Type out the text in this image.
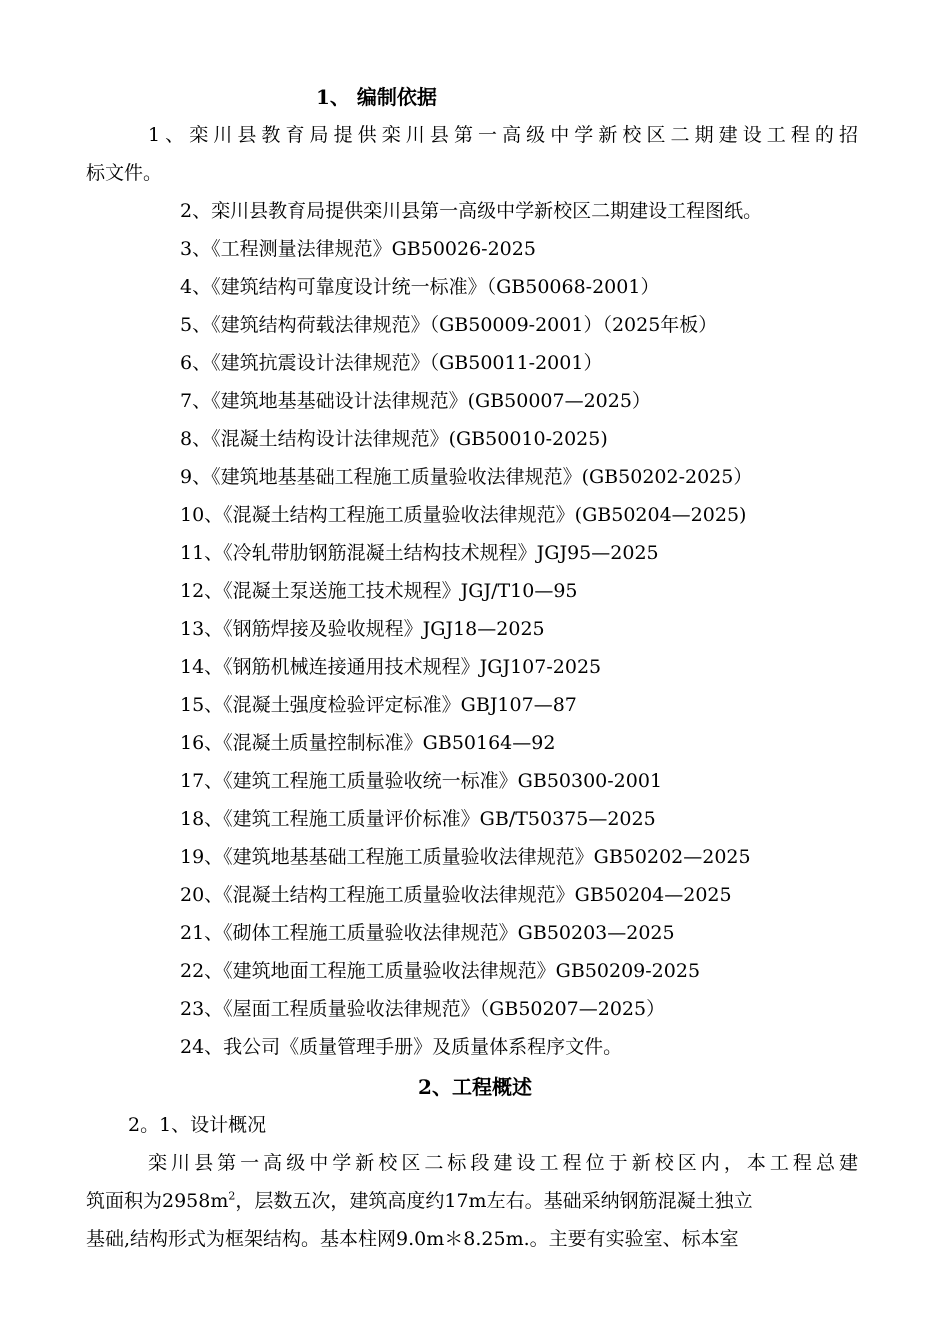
1、 编制依据
1、栾川县教育局提供栾川县第一高级中学新校区二期建设工程的招
标文件。
2、栾川县教育局提供栾川县第一高级中学新校区二期建设工程图纸。
3、《工程测量法律规范》GB50026-2025
4、《建筑结构可靠度设计统一标准》（GB50068-2001）
5、《建筑结构荷载法律规范》（GB50009-2001）（2025年板）
6、《建筑抗震设计法律规范》（GB50011-2001）
7、《建筑地基基础设计法律规范》(GB50007—2025）
8、《混凝土结构设计法律规范》(GB50010-2025)
9、《建筑地基基础工程施工质量验收法律规范》(GB50202-2025）
10、《混凝土结构工程施工质量验收法律规范》(GB50204—2025)
11、《冷轧带肋钢筋混凝土结构技术规程》JGJ95—2025
12、《混凝土泵送施工技术规程》JGJ/T10—95
13、《钢筋焊接及验收规程》JGJ18—2025
14、《钢筋机械连接通用技术规程》JGJ107-2025
15、《混凝土强度检验评定标准》GBJ107—87
16、《混凝土质量控制标准》GB50164—92
17、《建筑工程施工质量验收统一标准》GB50300-2001
18、《建筑工程施工质量评价标准》GB/T50375—2025
19、《建筑地基基础工程施工质量验收法律规范》GB50202—2025
20、《混凝土结构工程施工质量验收法律规范》GB50204—2025
21、《砌体工程施工质量验收法律规范》GB50203—2025
22、《建筑地面工程施工质量验收法律规范》GB50209-2025
23、《屋面工程质量验收法律规范》（GB50207—2025）
24、我公司《质量管理手册》及质量体系程序文件。
2、工程概述
2。1、设计概况
栾川县第一高级中学新校区二标段建设工程位于新校区内，本工程总建
筑面积为$2958m^2$，层数五次，建筑高度约17m左右。基础采纳钢筋混凝土独立
基础,结构形式为框架结构。基本柱网9.0m＊8.25m.。主要有实验室、标本室
